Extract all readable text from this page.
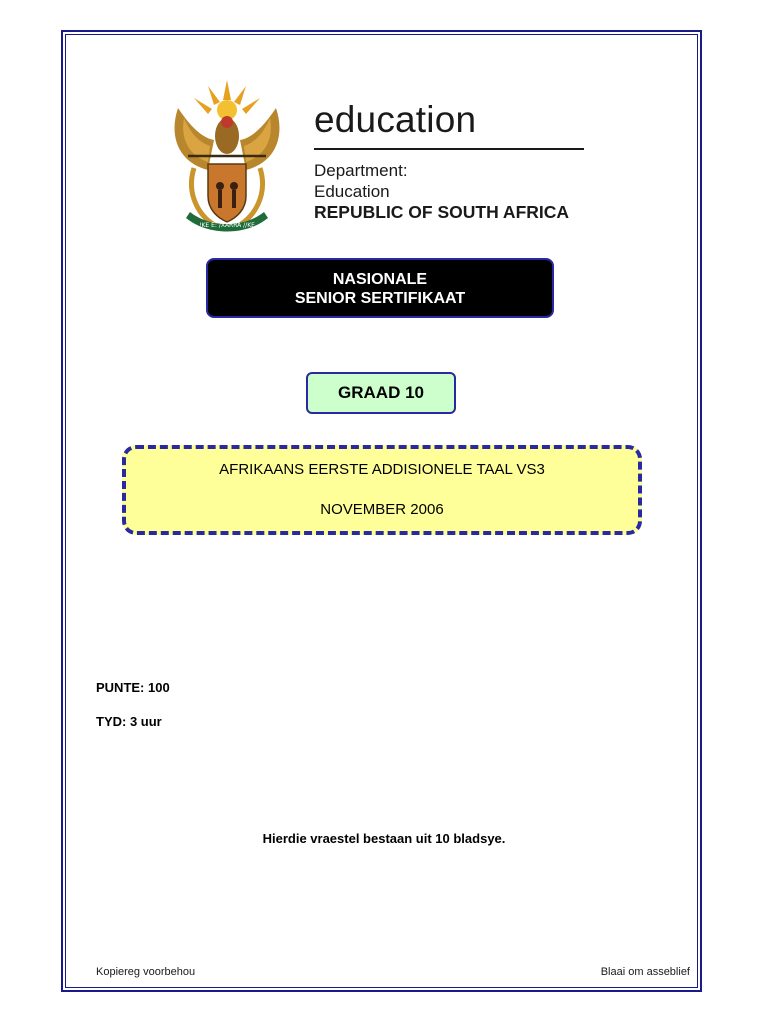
!KE E: /XARRA //KE
education
Department:
Education
REPUBLIC OF SOUTH AFRICA
NASIONALE
SENIOR SERTIFIKAAT
GRAAD 10
AFRIKAANS EERSTE ADDISIONELE TAAL VS3
NOVEMBER 2006
PUNTE: 100
TYD: 3 uur
Hierdie vraestel bestaan uit 10 bladsye.
Kopiereg voorbehou	Blaai om asseblief
